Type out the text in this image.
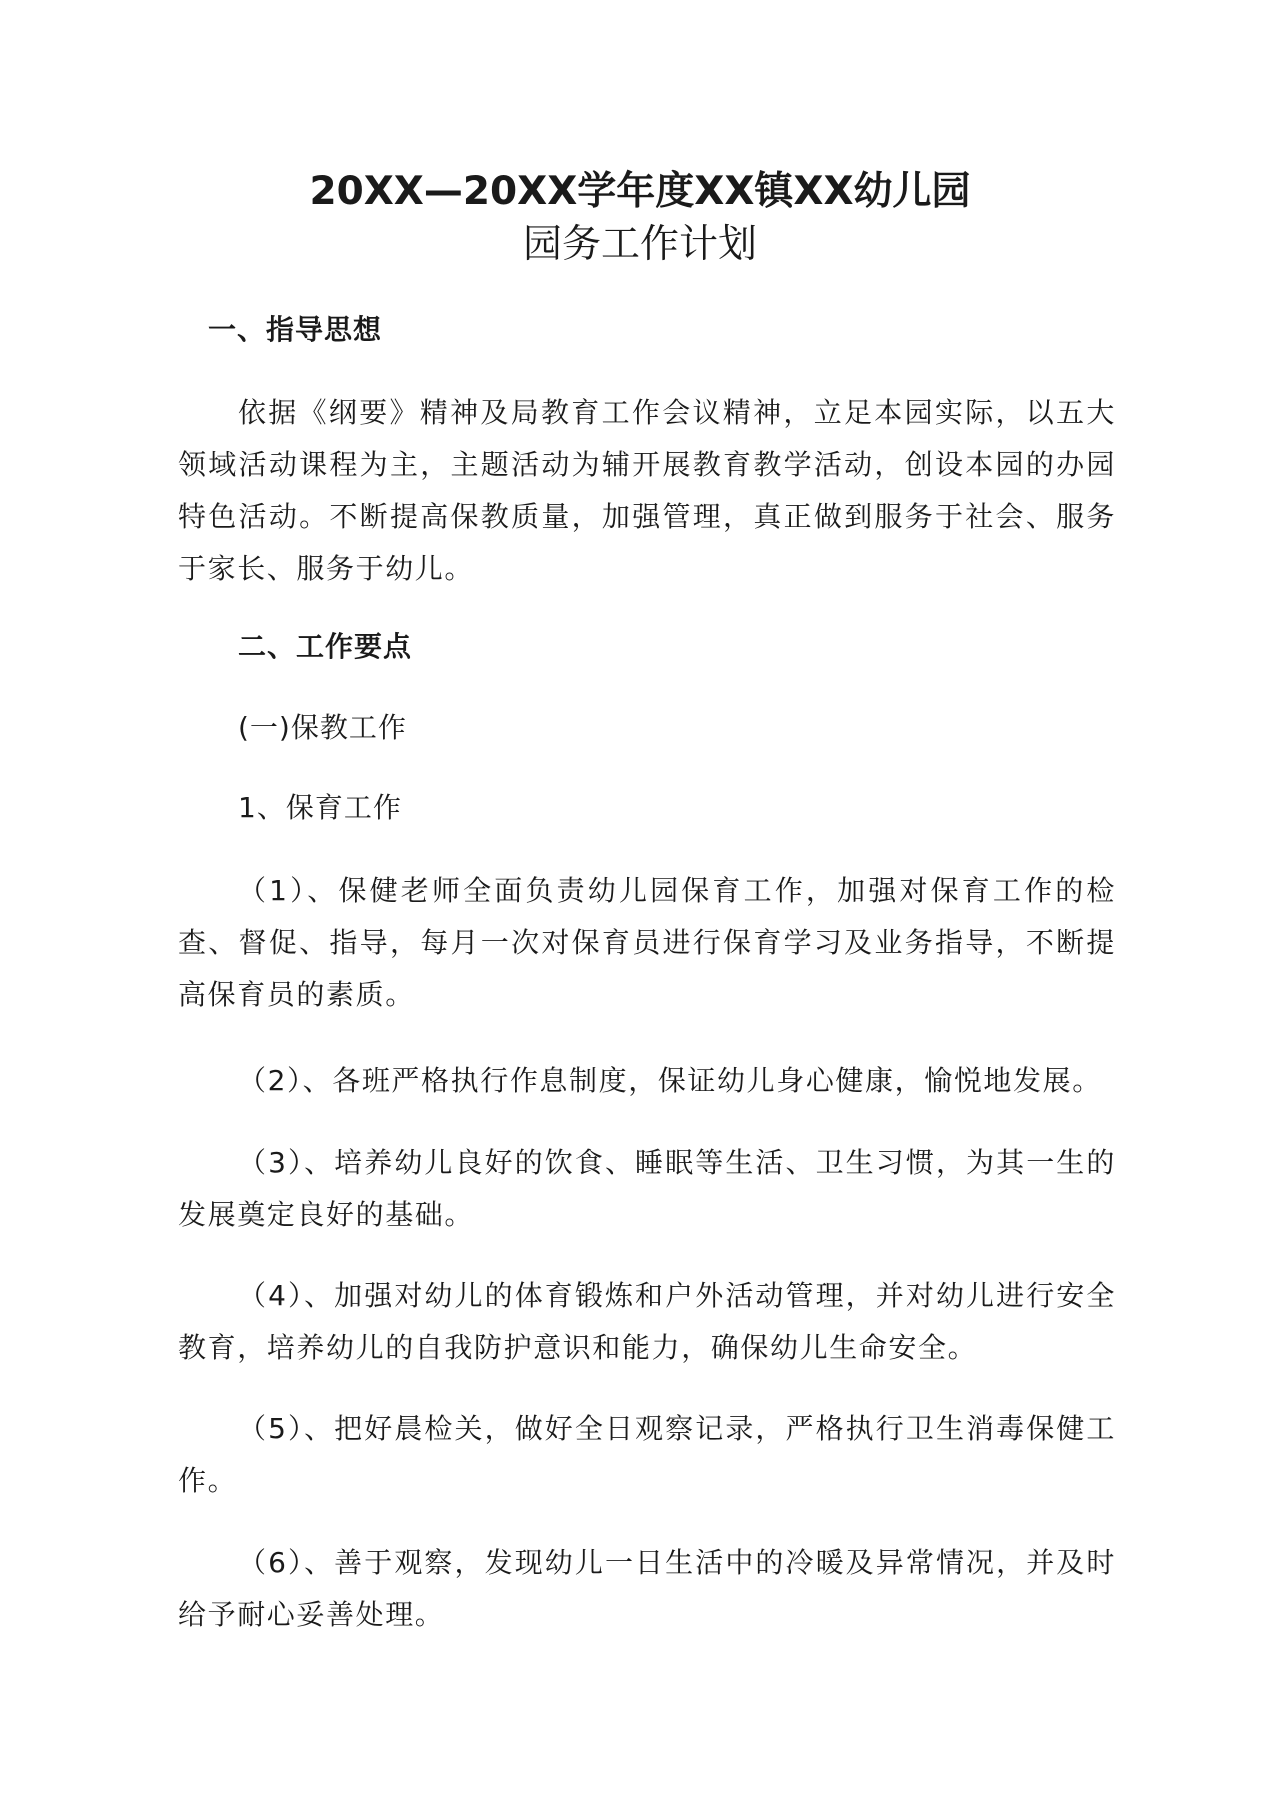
20XX—20XX学年度XX镇XX幼儿园
园务工作计划
一、指导思想
依据《纲要》精神及局教育工作会议精神，立足本园实际，以五大领域活动课程为主，主题活动为辅开展教育教学活动，创设本园的办园特色活动。不断提高保教质量，加强管理，真正做到服务于社会、服务于家长、服务于幼儿。
二、工作要点
(一)保教工作
1、保育工作
（1）、保健老师全面负责幼儿园保育工作，加强对保育工作的检查、督促、指导，每月一次对保育员进行保育学习及业务指导，不断提高保育员的素质。
（2）、各班严格执行作息制度，保证幼儿身心健康，愉悦地发展。
（3）、培养幼儿良好的饮食、睡眠等生活、卫生习惯，为其一生的发展奠定良好的基础。
（4）、加强对幼儿的体育锻炼和户外活动管理，并对幼儿进行安全教育，培养幼儿的自我防护意识和能力，确保幼儿生命安全。
（5）、把好晨检关，做好全日观察记录，严格执行卫生消毒保健工作。
（6）、善于观察，发现幼儿一日生活中的冷暖及异常情况，并及时给予耐心妥善处理。
